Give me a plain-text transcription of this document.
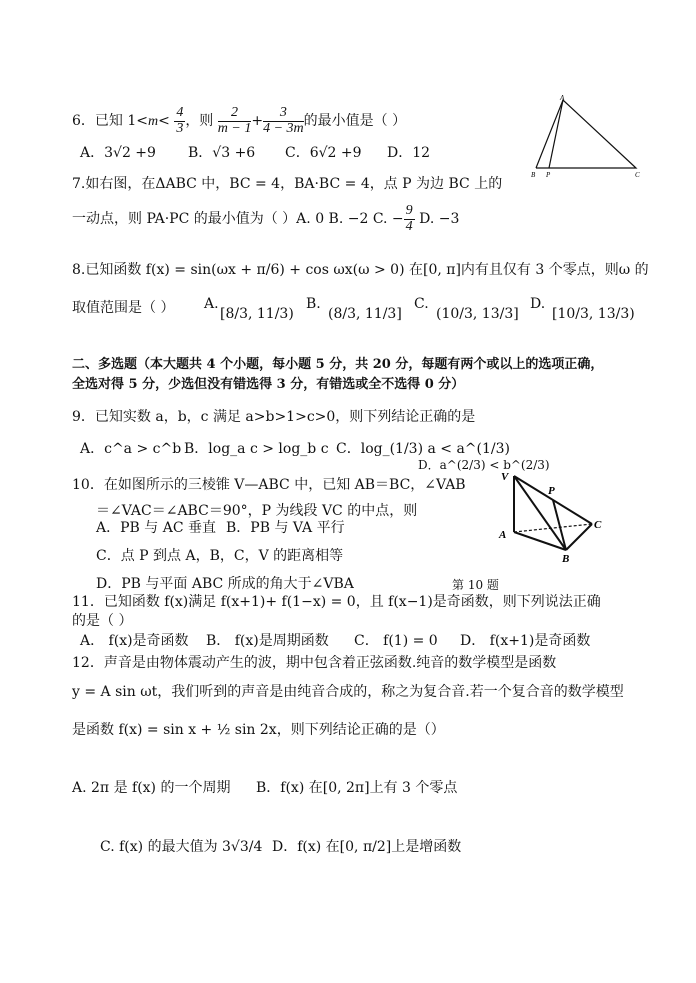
6．已知 $1<m< \frac{4}{3}$ ，则 $\frac{2}{m - 1} + \frac{3}{4 - 3m}$ 的最小值是（ ）
A．3√2 +9 B．√3 +6 C．6√2 +9 D．12
A
B P	C
7.如右图，在ΔABC 中，BC = 4，BA·BC = 4，点 P 为边 BC 上的
一动点，则 PA·PC 的最小值为（ ）A. 0 B. −2 C. − $\frac{9}{4} D$. −3
8.已知函数 f(x) = sin(ωx + π/6) + cos ωx(ω > 0) 在[0, π]内有且仅有 3 个零点，则ω 的
取值范围是（ ） A.
[8/3, 11/3)
B.
(8/3, 11/3]
C.
(10/3, 13/3]
D.
[10/3, 13/3)
二、多选题（本大题共 4 个小题，每小题 5 分，共 20 分，每题有两个或以上的选项正确，
全选对得 5 分，少选但没有错选得 3 分，有错选或全不选得 0 分）
9．已知实数 a，b，c 满足 a>b>1>c>0，则下列结论正确的是
A．c^a > c^b B．log_a c > log_b c C．log_(1/3) a < a^(1/3)
D．a^(2/3) < b^(2/3)
V
P
A
C
B
10．在如图所示的三棱锥 V—ABC 中，已知 AB＝BC，∠VAB
＝∠VAC＝∠ABC＝90°，P 为线段 VC 的中点，则
A．PB 与 AC 垂直 B．PB 与 VA 平行
C．点 P 到点 A，B，C，V 的距离相等
D．PB 与平面 ABC 所成的角大于∠VBA	第 10 题
11．已知函数 f(x)满足 f(x+1)+ f(1−x) = 0，且 f(x−1)是奇函数，则下列说法正确
的是（ ）
A． f(x)是奇函数 B． f(x)是周期函数 C． f(1) = 0 D． f(x+1)是奇函数
12．声音是由物体震动产生的波，期中包含着正弦函数.纯音的数学模型是函数
y = A sin ωt，我们听到的声音是由纯音合成的，称之为复合音.若一个复合音的数学模型
是函数 f(x) = sin x + ½ sin 2x，则下列结论正确的是（）
A. 2π 是 f(x) 的一个周期 B．f(x) 在[0, 2π]上有 3 个零点
C. f(x) 的最大值为 3√3/4 D．f(x) 在[0, π/2]上是增函数
